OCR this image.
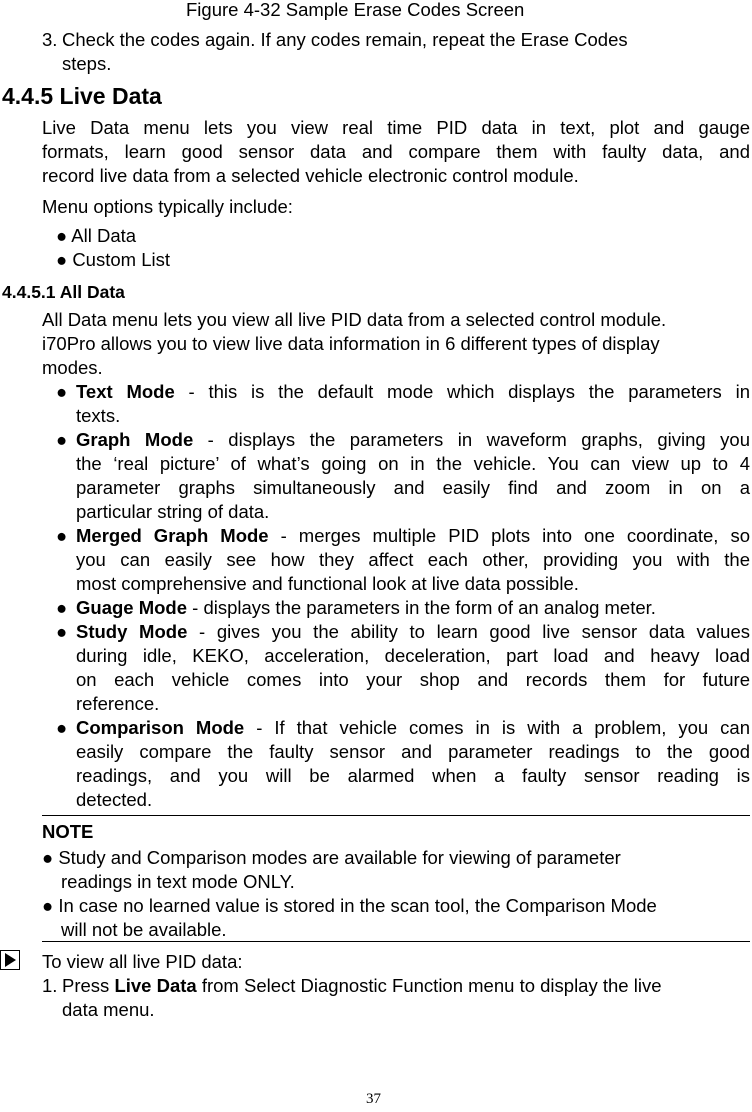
Figure 4-32 Sample Erase Codes Screen
3. Check the codes again. If any codes remain, repeat the Erase Codes
steps.
4.4.5 Live Data
Live Data menu lets you view real time PID data in text, plot and gauge
formats, learn good sensor data and compare them with faulty data, and
record live data from a selected vehicle electronic control module.
Menu options typically include:
● All Data
● Custom List
4.4.5.1 All Data
All Data menu lets you view all live PID data from a selected control module.
i70Pro allows you to view live data information in 6 different types of display
modes.
● Text Mode - this is the default mode which displays the parameters in
texts.
● Graph Mode - displays the parameters in waveform graphs, giving you
the ‘real picture’ of what’s going on in the vehicle. You can view up to 4
parameter graphs simultaneously and easily find and zoom in on a
particular string of data.
● Merged Graph Mode - merges multiple PID plots into one coordinate, so
you can easily see how they affect each other, providing you with the
most comprehensive and functional look at live data possible.
● Guage Mode - displays the parameters in the form of an analog meter.
● Study Mode - gives you the ability to learn good live sensor data values
during idle, KEKO, acceleration, deceleration, part load and heavy load
on each vehicle comes into your shop and records them for future
reference.
● Comparison Mode - If that vehicle comes in is with a problem, you can
easily compare the faulty sensor and parameter readings to the good
readings, and you will be alarmed when a faulty sensor reading is
detected.
NOTE
● Study and Comparison modes are available for viewing of parameter
readings in text mode ONLY.
● In case no learned value is stored in the scan tool, the Comparison Mode
will not be available.
To view all live PID data:
1. Press Live Data from Select Diagnostic Function menu to display the live
data menu.
37
